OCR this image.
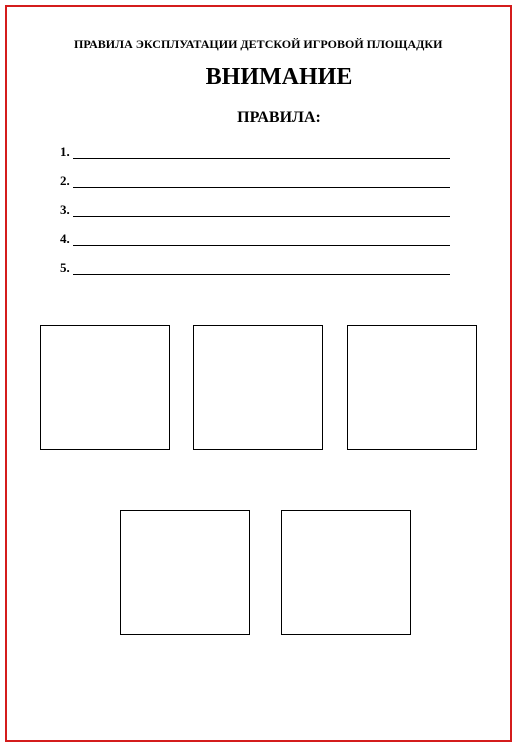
ПРАВИЛА ЭКСПЛУАТАЦИИ ДЕТСКОЙ ИГРОВОЙ ПЛОЩАДКИ
ВНИМАНИЕ
ПРАВИЛА:
1.
2.
3.
4.
5.
